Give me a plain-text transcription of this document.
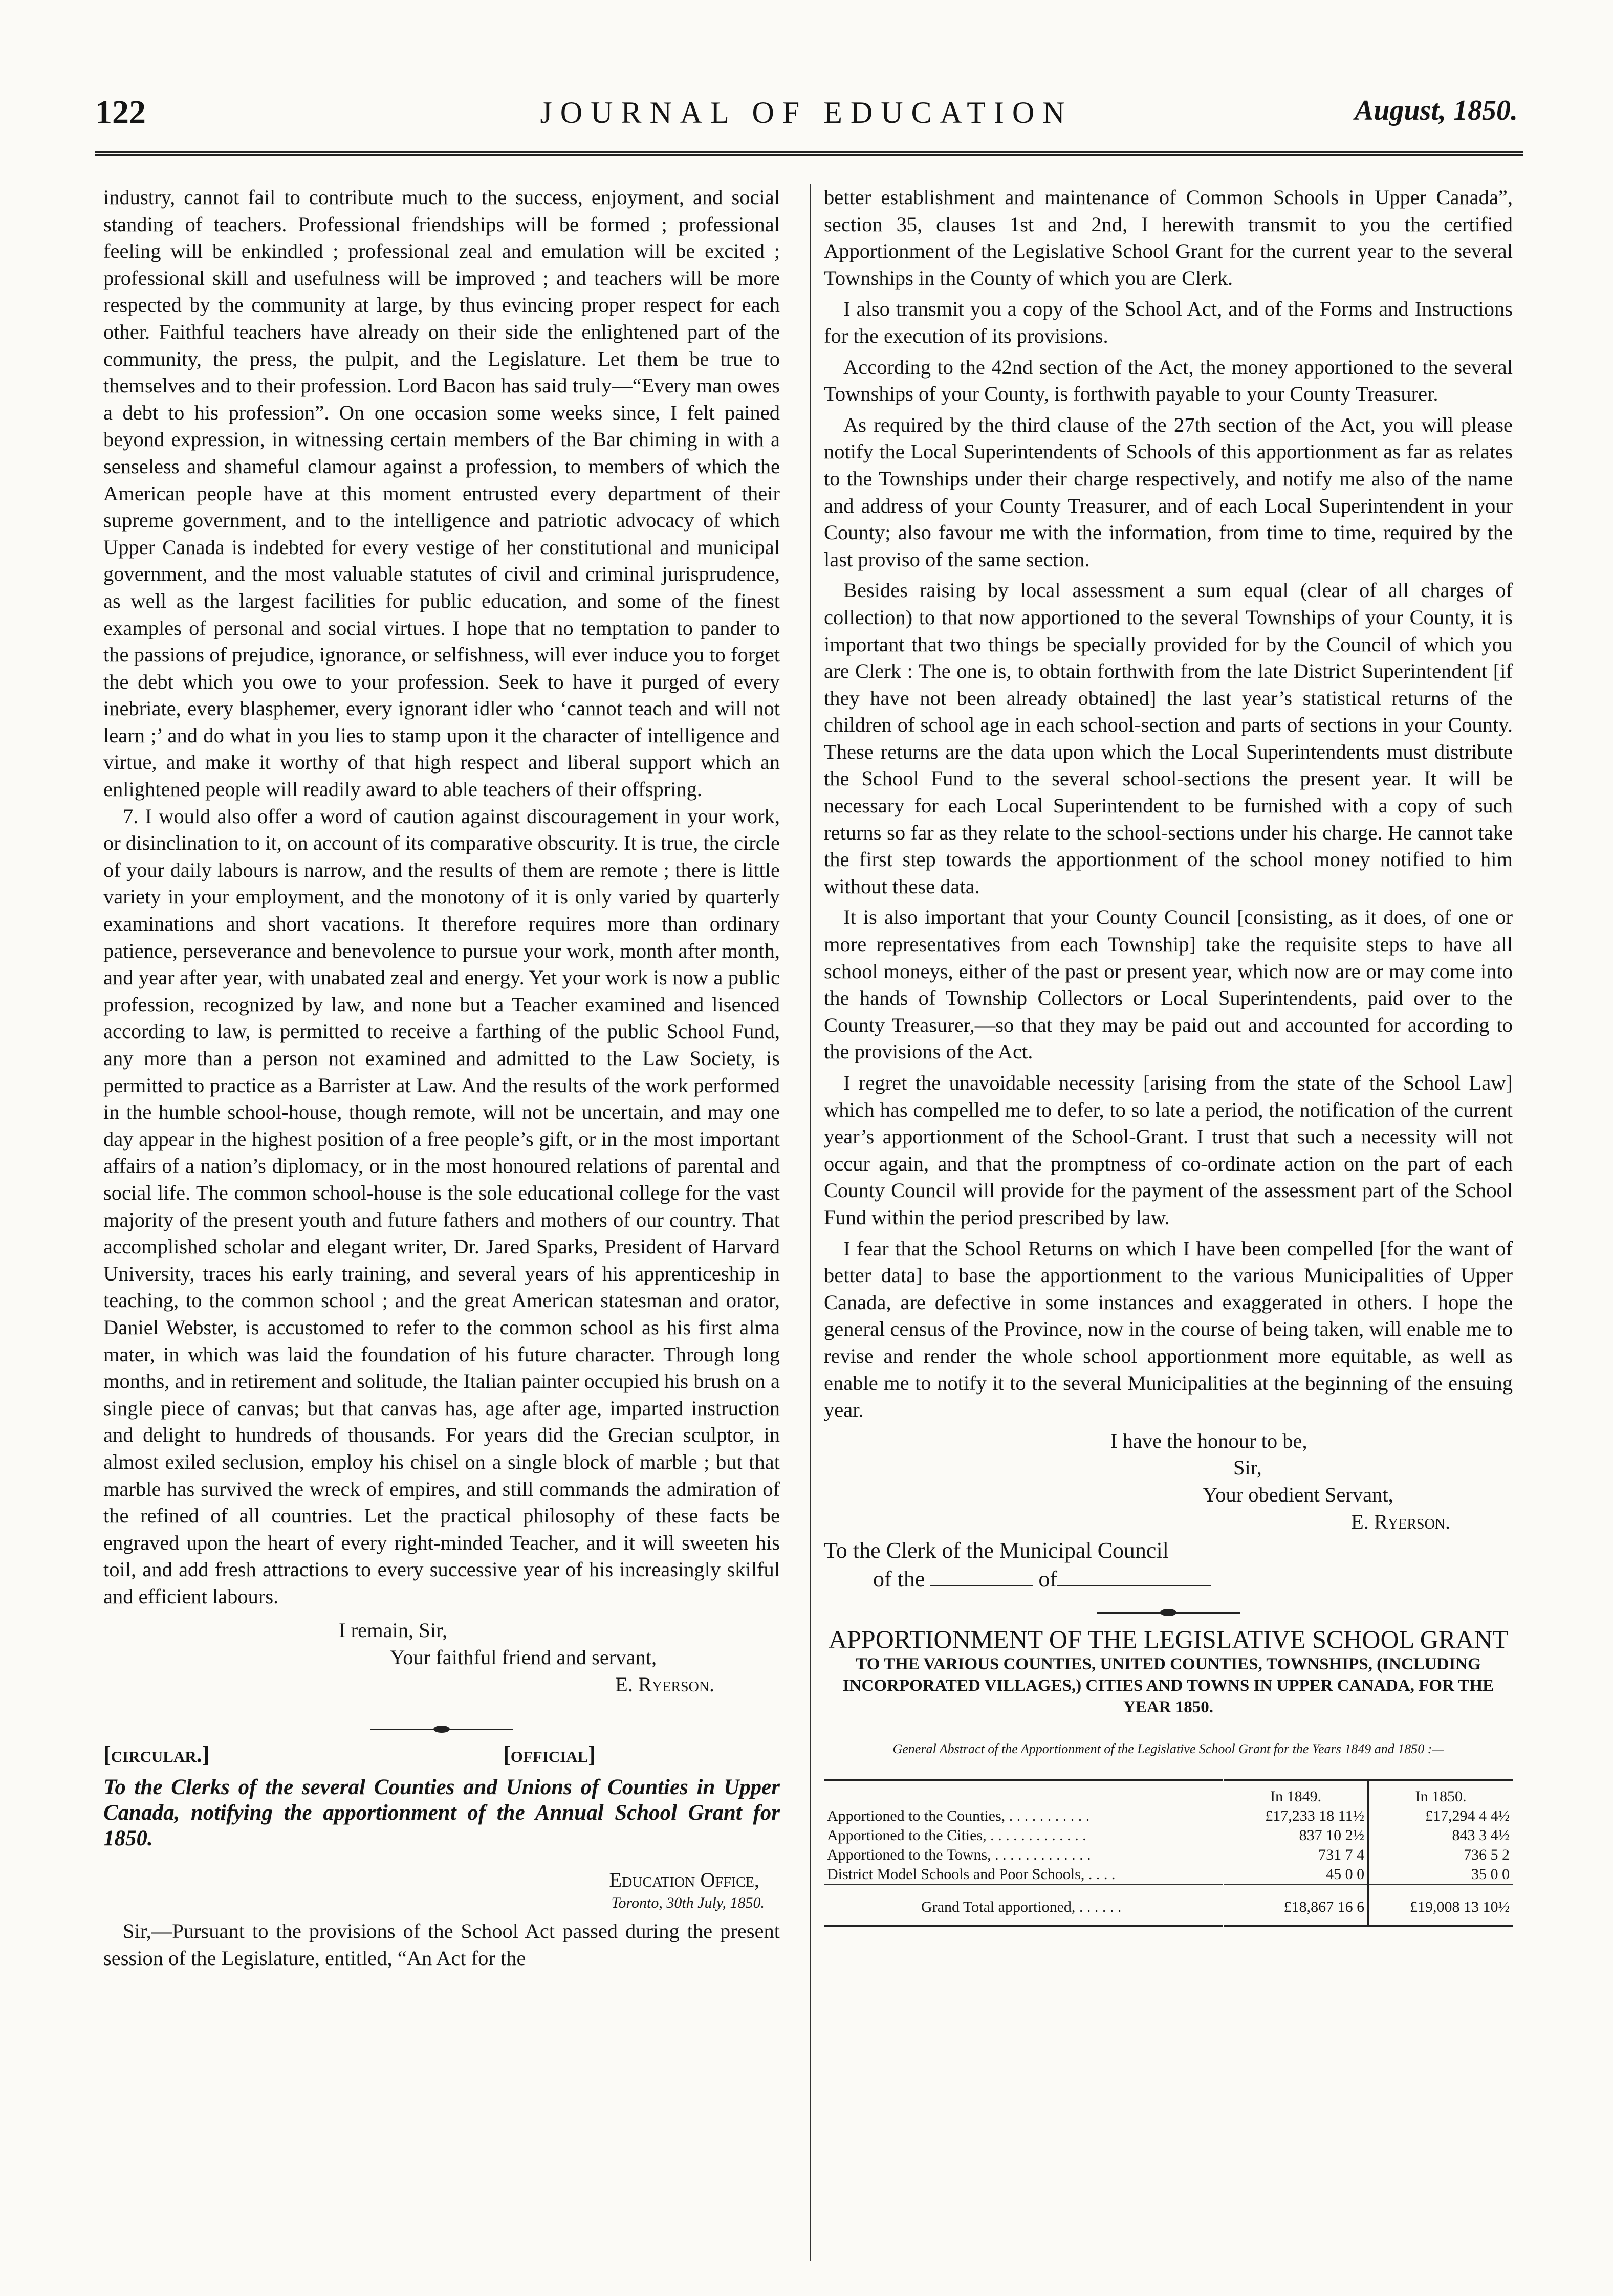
122	JOURNAL OF EDUCATION	August, 1850.

industry, cannot fail to contribute much to the success, enjoyment, and social standing of teachers. Professional friendships will be formed ; professional feeling will be enkindled ; professional zeal and emulation will be excited ; professional skill and usefulness will be improved ; and teachers will be more respected by the community at large, by thus evincing proper respect for each other. Faithful teachers have already on their side the enlightened part of the community, the press, the pulpit, and the Legislature. Let them be true to themselves and to their profession. Lord Bacon has said truly—“Every man owes a debt to his profession”. On one occasion some weeks since, I felt pained beyond expression, in witnessing certain members of the Bar chiming in with a senseless and shameful clamour against a profession, to members of which the American people have at this moment entrusted every department of their supreme government, and to the intelligence and patriotic advocacy of which Upper Canada is indebted for every vestige of her constitutional and municipal government, and the most valuable statutes of civil and criminal jurisprudence, as well as the largest facilities for public education, and some of the finest examples of personal and social virtues. I hope that no temptation to pander to the passions of prejudice, ignorance, or selfishness, will ever induce you to forget the debt which you owe to your profession. Seek to have it purged of every inebriate, every blasphemer, every ignorant idler who ‘cannot teach and will not learn ;’ and do what in you lies to stamp upon it the character of intelligence and virtue, and make it worthy of that high respect and liberal support which an enlightened people will readily award to able teachers of their offspring.

7. I would also offer a word of caution against discouragement in your work, or disinclination to it, on account of its comparative obscurity. It is true, the circle of your daily labours is narrow, and the results of them are remote ; there is little variety in your employment, and the monotony of it is only varied by quarterly examinations and short vacations. It therefore requires more than ordinary patience, perseverance and benevolence to pursue your work, month after month, and year after year, with unabated zeal and energy. Yet your work is now a public profession, recognized by law, and none but a Teacher examined and lisenced according to law, is permitted to receive a farthing of the public School Fund, any more than a person not examined and admitted to the Law Society, is permitted to practice as a Barrister at Law. And the results of the work performed in the humble school-house, though remote, will not be uncertain, and may one day appear in the highest position of a free people’s gift, or in the most important affairs of a nation’s diplomacy, or in the most honoured relations of parental and social life. The common school-house is the sole educational college for the vast majority of the present youth and future fathers and mothers of our country. That accomplished scholar and elegant writer, Dr. Jared Sparks, President of Harvard University, traces his early training, and several years of his apprenticeship in teaching, to the common school ; and the great American statesman and orator, Daniel Webster, is accustomed to refer to the common school as his first alma mater, in which was laid the foundation of his future character. Through long months, and in retirement and solitude, the Italian painter occupied his brush on a single piece of canvas; but that canvas has, age after age, imparted instruction and delight to hundreds of thousands. For years did the Grecian sculptor, in almost exiled seclusion, employ his chisel on a single block of marble ; but that marble has survived the wreck of empires, and still commands the admiration of the refined of all countries. Let the practical philosophy of these facts be engraved upon the heart of every right-minded Teacher, and it will sweeten his toil, and add fresh attractions to every successive year of his increasingly skilful and efficient labours.

I remain, Sir,
Your faithful friend and servant,
E. Ryerson.
[circular.]	[official]

To the Clerks of the several Counties and Unions of Counties in Upper Canada, notifying the apportionment of the Annual School Grant for 1850.

Education Office,
Toronto, 30th July, 1850.

Sir,—Pursuant to the provisions of the School Act passed during the present session of the Legislature, entitled, “An Act for the

better establishment and maintenance of Common Schools in Upper Canada”, section 35, clauses 1st and 2nd, I herewith transmit to you the certified Apportionment of the Legislative School Grant for the current year to the several Townships in the County of which you are Clerk.

I also transmit you a copy of the School Act, and of the Forms and Instructions for the execution of its provisions.

According to the 42nd section of the Act, the money apportioned to the several Townships of your County, is forthwith payable to your County Treasurer.

As required by the third clause of the 27th section of the Act, you will please notify the Local Superintendents of Schools of this apportionment as far as relates to the Townships under their charge respectively, and notify me also of the name and address of your County Treasurer, and of each Local Superintendent in your County; also favour me with the information, from time to time, required by the last proviso of the same section.

Besides raising by local assessment a sum equal (clear of all charges of collection) to that now apportioned to the several Townships of your County, it is important that two things be specially provided for by the Council of which you are Clerk : The one is, to obtain forthwith from the late District Superintendent [if they have not been already obtained] the last year’s statistical returns of the children of school age in each school-section and parts of sections in your County. These returns are the data upon which the Local Superintendents must distribute the School Fund to the several school-sections the present year. It will be necessary for each Local Superintendent to be furnished with a copy of such returns so far as they relate to the school-sections under his charge. He cannot take the first step towards the apportionment of the school money notified to him without these data.

It is also important that your County Council [consisting, as it does, of one or more representatives from each Township] take the requisite steps to have all school moneys, either of the past or present year, which now are or may come into the hands of Township Collectors or Local Superintendents, paid over to the County Treasurer,—so that they may be paid out and accounted for according to the provisions of the Act.

I regret the unavoidable necessity [arising from the state of the School Law] which has compelled me to defer, to so late a period, the notification of the current year’s apportionment of the School-Grant. I trust that such a necessity will not occur again, and that the promptness of co-ordinate action on the part of each County Council will provide for the payment of the assessment part of the School Fund within the period prescribed by law.

I fear that the School Returns on which I have been compelled [for the want of better data] to base the apportionment to the various Municipalities of Upper Canada, are defective in some instances and exaggerated in others. I hope the general census of the Province, now in the course of being taken, will enable me to revise and render the whole school apportionment more equitable, as well as enable me to notify it to the several Municipalities at the beginning of the ensuing year.

I have the honour to be,
Sir,
Your obedient Servant,
E. Ryerson.
To the Clerk of the Municipal Council
of the	of
APPORTIONMENT OF THE LEGISLATIVE SCHOOL GRANT
TO THE VARIOUS COUNTIES, UNITED COUNTIES, TOWNSHIPS, (INCLUDING INCORPORATED VILLAGES,) CITIES AND TOWNS IN UPPER CANADA, FOR THE YEAR 1850.
General Abstract of the Apportionment of the Legislative School Grant for the Years 1849 and 1850 :—
	In 1849.	In 1850.
Apportioned to the Counties, . . . . . . . . . . .	£17,233 18 11½	£17,294 4 4½
Apportioned to the Cities, . . . . . . . . . . . . .	837 10 2½	843 3 4½
Apportioned to the Towns, . . . . . . . . . . . . .	731 7 4	736 5 2
District Model Schools and Poor Schools, . . . .	45 0 0	35 0 0
Grand Total apportioned, . . . . . .	£18,867 16 6	£19,008 13 10½
